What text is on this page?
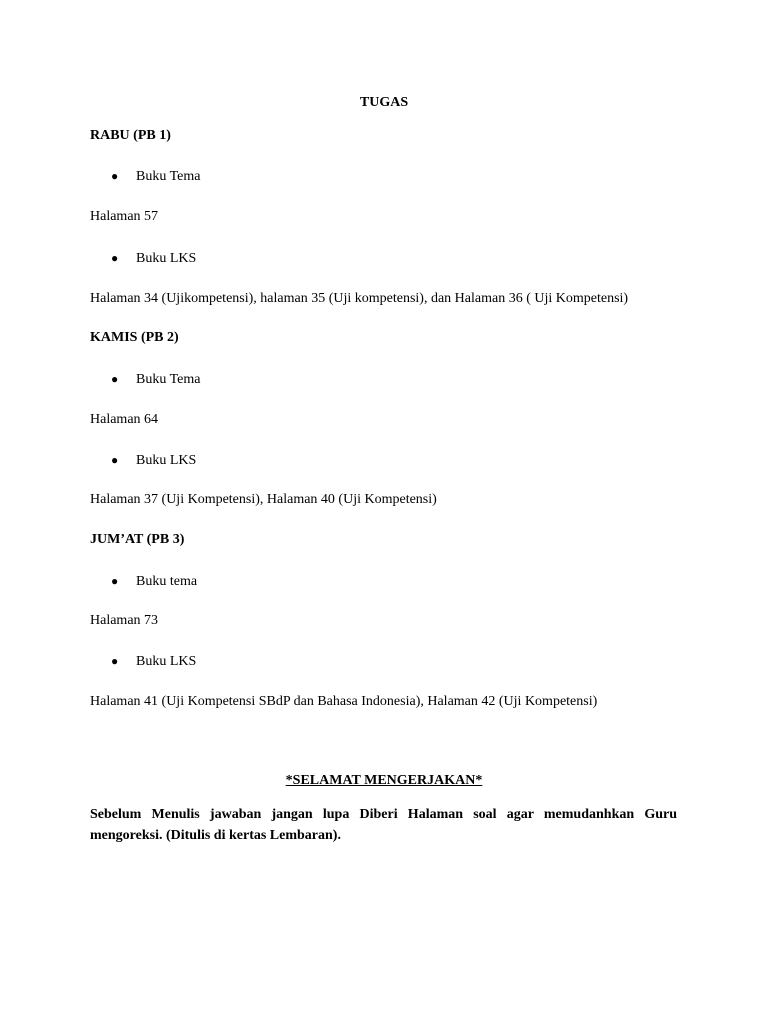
TUGAS
RABU (PB 1)
● Buku Tema
Halaman 57
● Buku LKS
Halaman 34 (Ujikompetensi), halaman 35 (Uji kompetensi), dan Halaman 36 ( Uji Kompetensi)
KAMIS (PB 2)
● Buku Tema
Halaman 64
● Buku LKS
Halaman 37 (Uji Kompetensi), Halaman 40 (Uji Kompetensi)
JUM’AT (PB 3)
● Buku tema
Halaman 73
● Buku LKS
Halaman 41 (Uji Kompetensi SBdP dan Bahasa Indonesia), Halaman 42 (Uji Kompetensi)
*SELAMAT MENGERJAKAN*
Sebelum Menulis jawaban jangan lupa Diberi Halaman soal agar memudanhkan Guru mengoreksi. (Ditulis di kertas Lembaran).
